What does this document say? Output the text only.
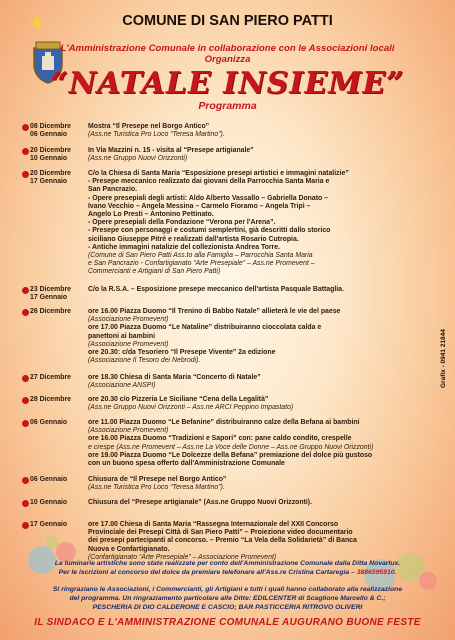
COMUNE DI SAN PIERO PATTI
L'Amministrazione Comunale in collaborazione con le Associazioni locali
Organizza
“NATALE INSIEME”
Programma
08 Dicembre
06 Gennaio
Mostra “Il Presepe nel Borgo Antico”
(Ass.ne Turistica Pro Loco “Teresa Martino”).
20 Dicembre
10 Gennaio
In Via Mazzini n. 15 - visita al “Presepe artigianale”
(Ass.ne Gruppo Nuovi Orizzonti)
20 Dicembre
17 Gennaio
C/o la Chiesa di Santa Maria “Esposizione presepi artistici e immagini natalizie”
- Presepe meccanico realizzato dai giovani della Parrocchia Santa Maria e
San Pancrazio.
- Opere presepiali degli artisti: Aldo Alberto Vassallo – Gabriella Donato –
Ivano Vecchio – Angela Messina – Carmelo Fioramo – Angela Tripì –
Angelo Lo Presti – Antonino Pettinato.
- Opere presepiali della Fondazione “Verona per l'Arena”.
- Presepe con personaggi e costumi semplertini, già descritti dallo storico
siciliano Giuseppe Pitrè e realizzati dall'artista Rosario Cutropia.
- Antiche immagini natalizie del collezionista Andrea Torre.
(Comune di San Piero Patti Ass.to alla Famiglia – Parrocchia Santa Maria
e San Pancrazio - Confartigianato “Arte Presepiale” – Ass.ne Promevent –
Commercianti e Artigiani di San Piero Patti)
23 Dicembre
17 Gennaio
C/o la R.S.A. – Esposizione presepe meccanico dell'artista Pasquale Battaglia.
26 Dicembre	ore 16.00 Piazza Duomo “Il Trenino di Babbo Natale” allieterà le vie del paese
(Associazione Promevent)
ore 17.00 Piazza Duomo “Le Nataline” distribuiranno cioccolata calda e
panettoni ai bambini
(Associazione Promevent)
ore 20.30: c/da Tesoriero “Il Presepe Vivente” 2a edizione
(Associazione Il Tesoro dei Nebrodi).
27 Dicembre	ore 18.30 Chiesa di Santa Maria “Concerto di Natale”
(Associazione ANSPI)
28 Dicembre	ore 20.30 c/o Pizzeria Le Siciliane “Cena della Legalità”
(Ass.ne Gruppo Nuovi Orizzonti – Ass.ne ARCI Peppino Impastato)
06 Gennaio	ore 11.00 Piazza Duomo “Le Befanine” distribuiranno calze della Befana ai bambini
(Associazione Promevent)
ore 16.00 Piazza Duomo “Tradizioni e Sapori” con: pane caldo condito, crespelle
e crespe (Ass.ne Promevent – Ass.ne La Voce delle Donne – Ass.ne Gruppo Nuovi Orizzonti)
ore 19.00 Piazza Duomo “Le Dolcezze della Befana” premiazione del dolce più gustoso
con un buono spesa offerto dall'Amministrazione Comunale
06 Gennaio	Chiusura de “Il Presepe nel Borgo Antico”
(Ass.ne Turistica Pro Loco “Teresa Martino”).
10 Gennaio	Chiusura del “Presepe artigianale” (Ass.ne Gruppo Nuovi Orizzonti).
17 Gennaio	ore 17.00 Chiesa di Santa Maria “Rassegna Internazionale del XXII Concorso
Provinciale dei Presepi Città di San Piero Patti” – Proiezione video documentario
dei presepi partecipanti al concorso. – Premio “La Vela della Solidarietà” di Banca
Nuova e Confartigianato.
(Confartigianato “Arte Presepiale” – Associazione Promevent)
Grafix - 0941 21844
Le luminarie artistiche sono state realizzate per conto dell'Amministrazione Comunale dalla Ditta Novarlux.
Per le iscrizioni al concorso del dolce da premiare telefonare all'Ass.re Cristina Cartaregia – 3886595910.
Si ringraziano le Associazioni, i Commercianti, gli Artigiani e tutti i quali hanno collaborato alla realizzazione
del programma. Un ringraziamento particolare alle Ditte: EDILCENTER di Scaglione Marcello & C.;
PESCHERIA DI DIO CALDERONE E CASCIO; BAR PASTICCERIA RITROVO OLIVERI
IL SINDACO E L'AMMINISTRAZIONE COMUNALE AUGURANO BUONE FESTE
